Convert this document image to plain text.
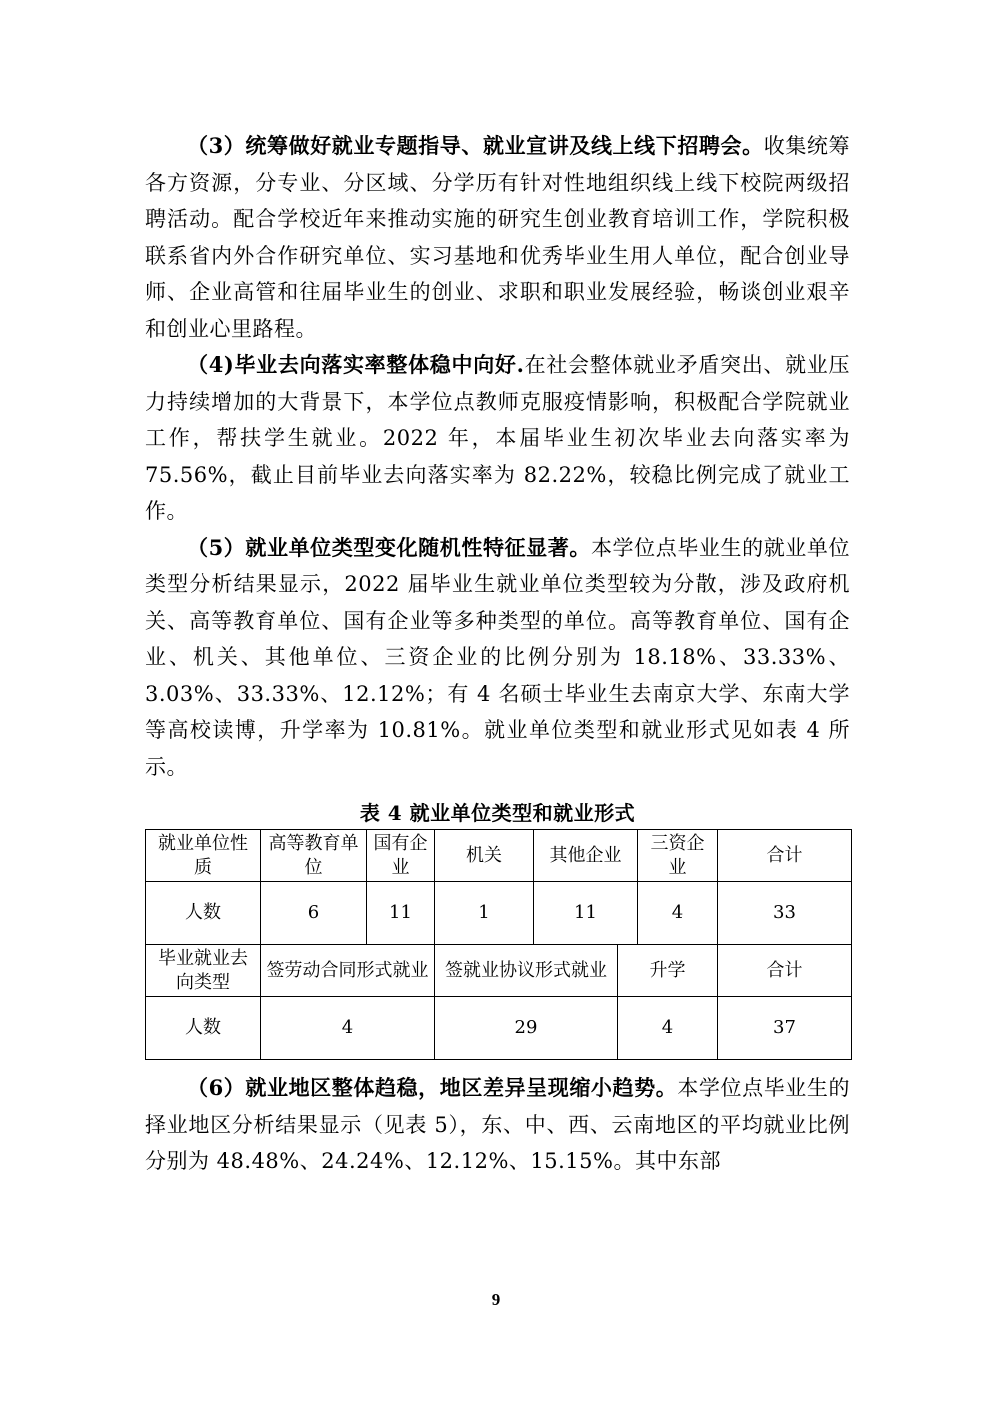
（3）统筹做好就业专题指导、就业宣讲及线上线下招聘会。收集统筹各方资源，分专业、分区域、分学历有针对性地组织线上线下校院两级招聘活动。配合学校近年来推动实施的研究生创业教育培训工作，学院积极联系省内外合作研究单位、实习基地和优秀毕业生用人单位，配合创业导师、企业高管和往届毕业生的创业、求职和职业发展经验，畅谈创业艰辛和创业心里路程。

（4)毕业去向落实率整体稳中向好.在社会整体就业矛盾突出、就业压力持续增加的大背景下，本学位点教师克服疫情影响，积极配合学院就业工作，帮扶学生就业。2022 年，本届毕业生初次毕业去向落实率为 75.56%，截止目前毕业去向落实率为 82.22%，较稳比例完成了就业工作。

（5）就业单位类型变化随机性特征显著。本学位点毕业生的就业单位类型分析结果显示，2022 届毕业生就业单位类型较为分散，涉及政府机关、高等教育单位、国有企业等多种类型的单位。高等教育单位、国有企业、机关、其他单位、三资企业的比例分别为 18.18%、33.33%、3.03%、33.33%、12.12%；有 4 名硕士毕业生去南京大学、东南大学等高校读博，升学率为 10.81%。就业单位类型和就业形式见如表 4 所示。

表 4 就业单位类型和就业形式
就业单位性质	高等教育单位	国有企业	机关	其他企业		三资企业	合计
人数	6	11	1	11		4	33
毕业就业去向类型	签劳动合同形式就业		签就业协议形式就业		升学		合计
人数	4		29		4		37

（6）就业地区整体趋稳，地区差异呈现缩小趋势。本学位点毕业生的择业地区分析结果显示（见表 5），东、中、西、云南地区的平均就业比例分别为 48.48%、24.24%、12.12%、15.15%。其中东部

9
